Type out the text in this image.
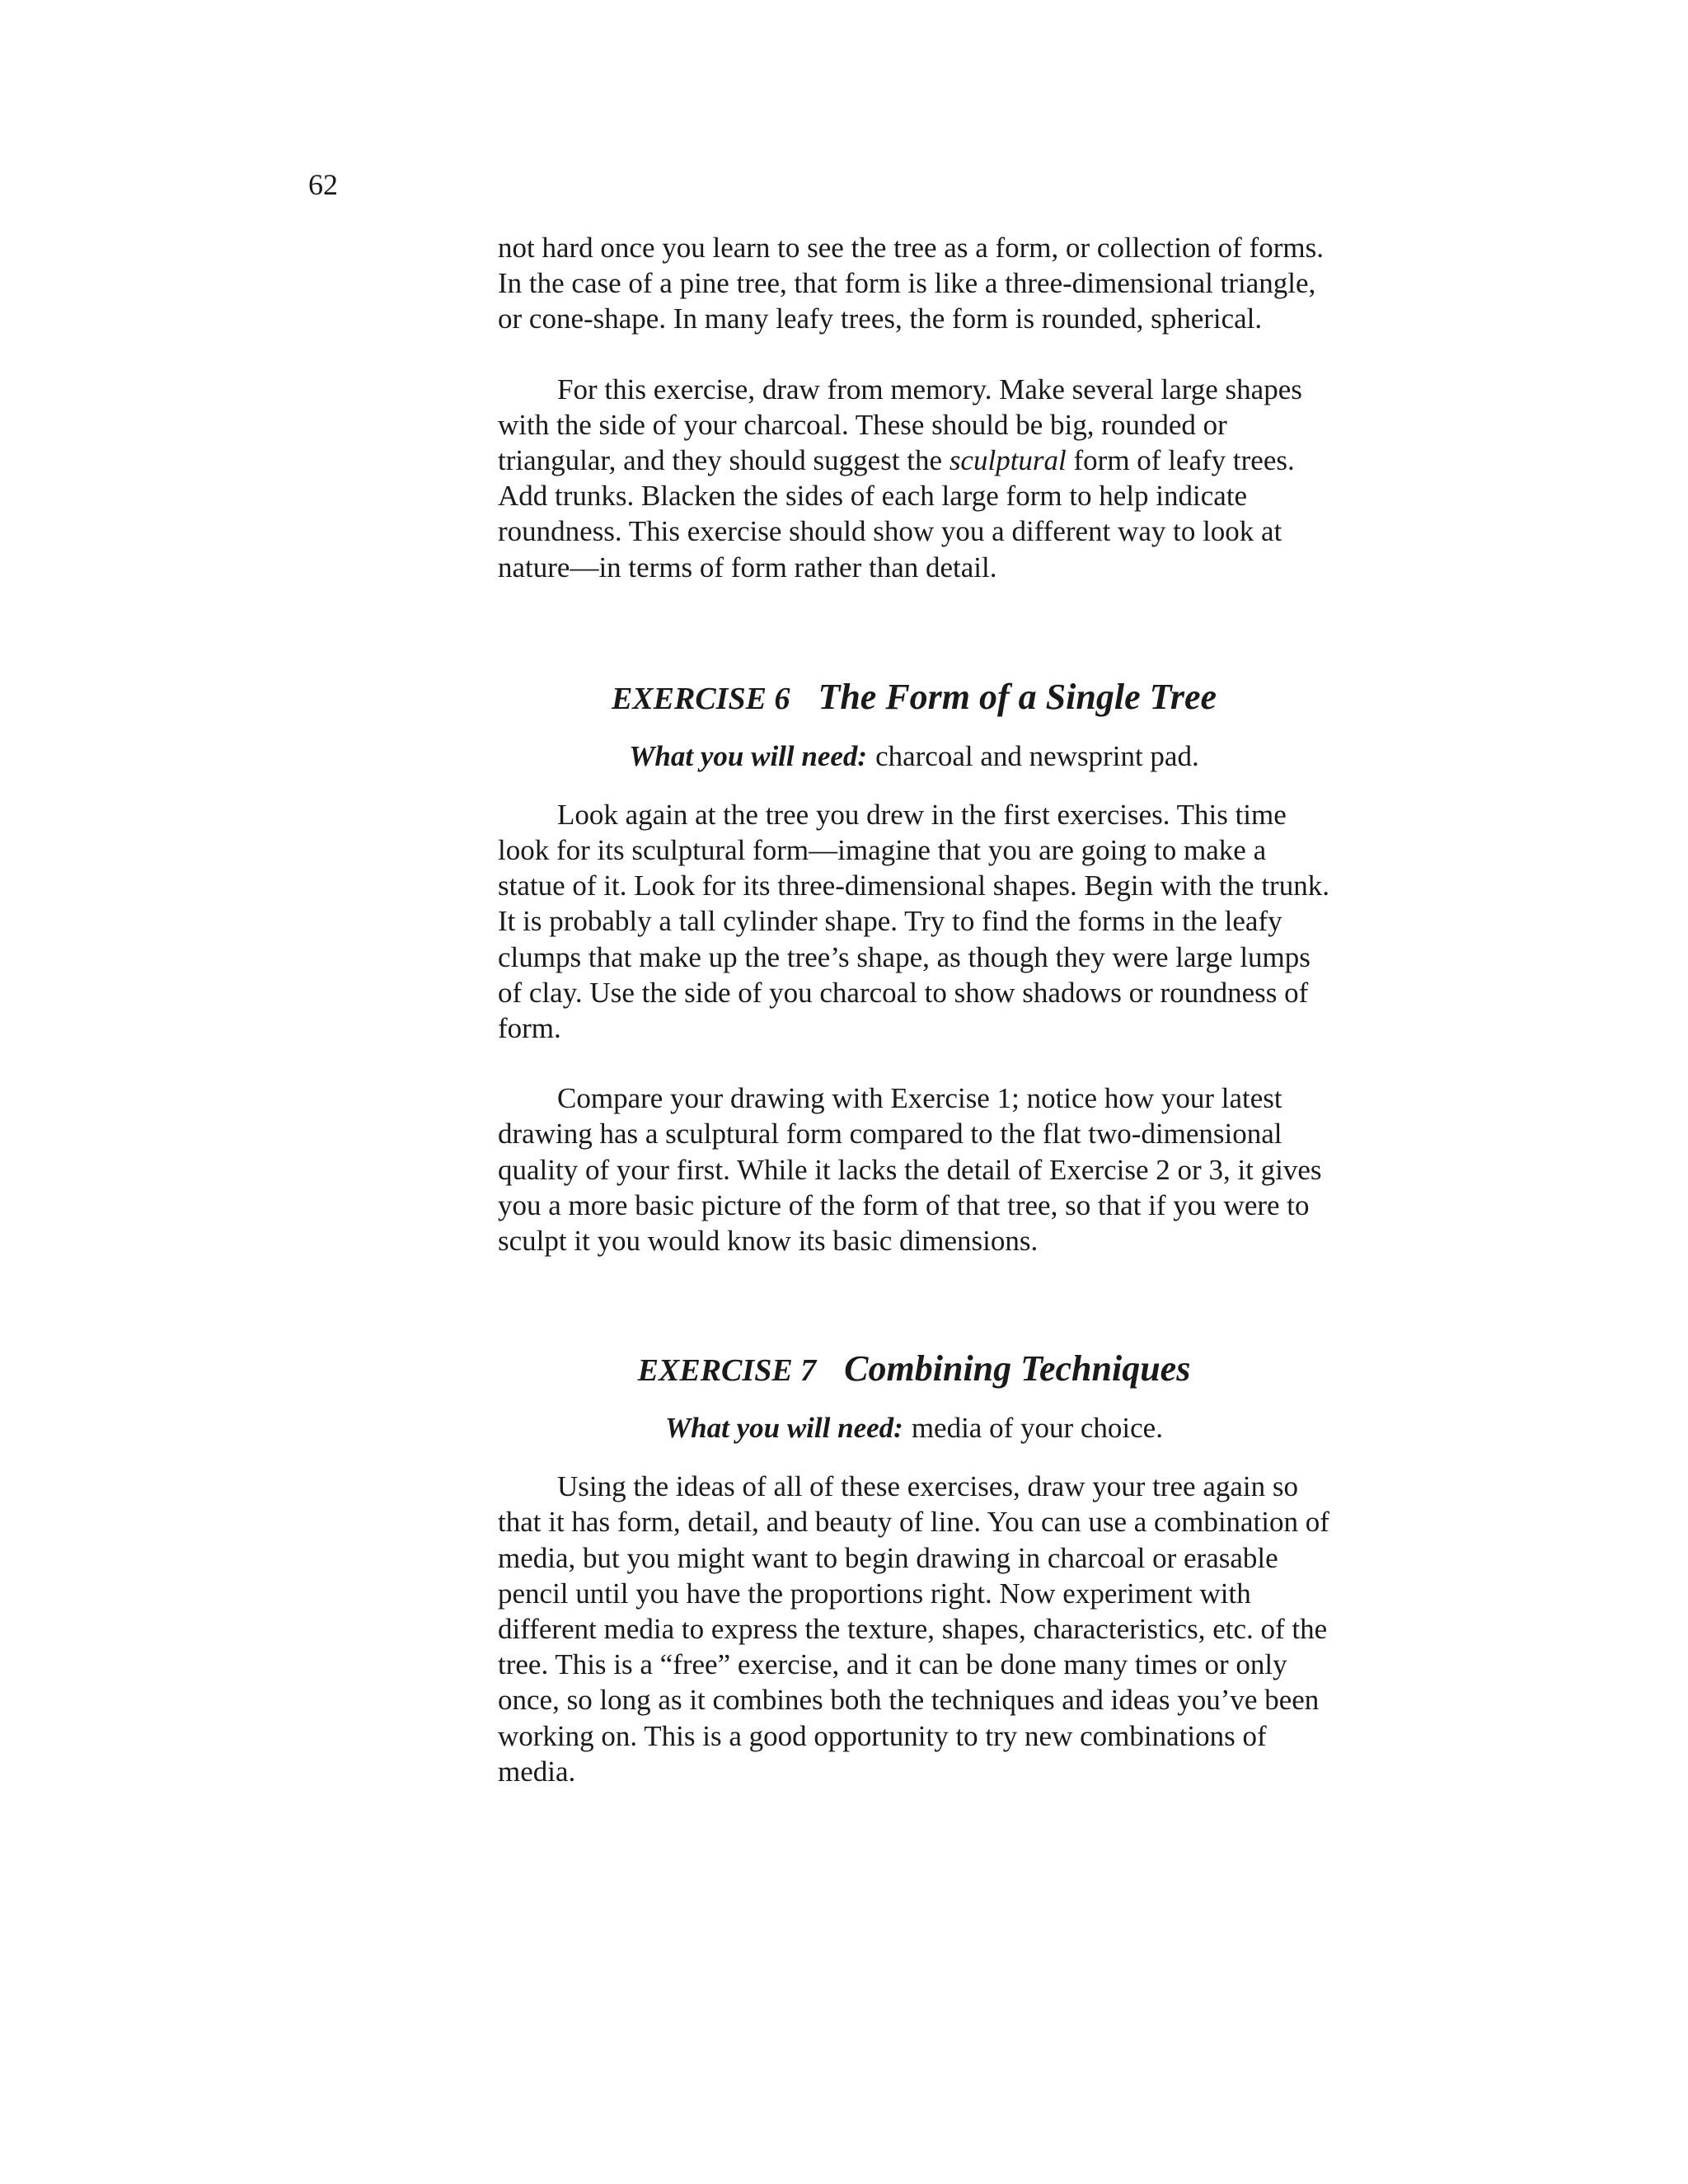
62

not hard once you learn to see the tree as a form, or collection of forms. In the case of a pine tree, that form is like a three-dimensional triangle, or cone-shape. In many leafy trees, the form is rounded, spherical.

For this exercise, draw from memory. Make several large shapes with the side of your charcoal. These should be big, rounded or triangular, and they should suggest the sculptural form of leafy trees. Add trunks. Blacken the sides of each large form to help indicate roundness. This exercise should show you a different way to look at nature—in terms of form rather than detail.

EXERCISE 6 The Form of a Single Tree
What you will need: charcoal and newsprint pad.

Look again at the tree you drew in the first exercises. This time look for its sculptural form—imagine that you are going to make a statue of it. Look for its three-dimensional shapes. Begin with the trunk. It is probably a tall cylinder shape. Try to find the forms in the leafy clumps that make up the tree’s shape, as though they were large lumps of clay. Use the side of you charcoal to show shadows or roundness of form.

Compare your drawing with Exercise 1; notice how your latest drawing has a sculptural form compared to the flat two-dimensional quality of your first. While it lacks the detail of Exercise 2 or 3, it gives you a more basic picture of the form of that tree, so that if you were to sculpt it you would know its basic dimensions.

EXERCISE 7 Combining Techniques
What you will need: media of your choice.

Using the ideas of all of these exercises, draw your tree again so that it has form, detail, and beauty of line. You can use a combination of media, but you might want to begin drawing in charcoal or erasable pencil until you have the proportions right. Now experiment with different media to express the texture, shapes, characteristics, etc. of the tree. This is a “free” exercise, and it can be done many times or only once, so long as it combines both the techniques and ideas you’ve been working on. This is a good opportunity to try new combinations of media.
